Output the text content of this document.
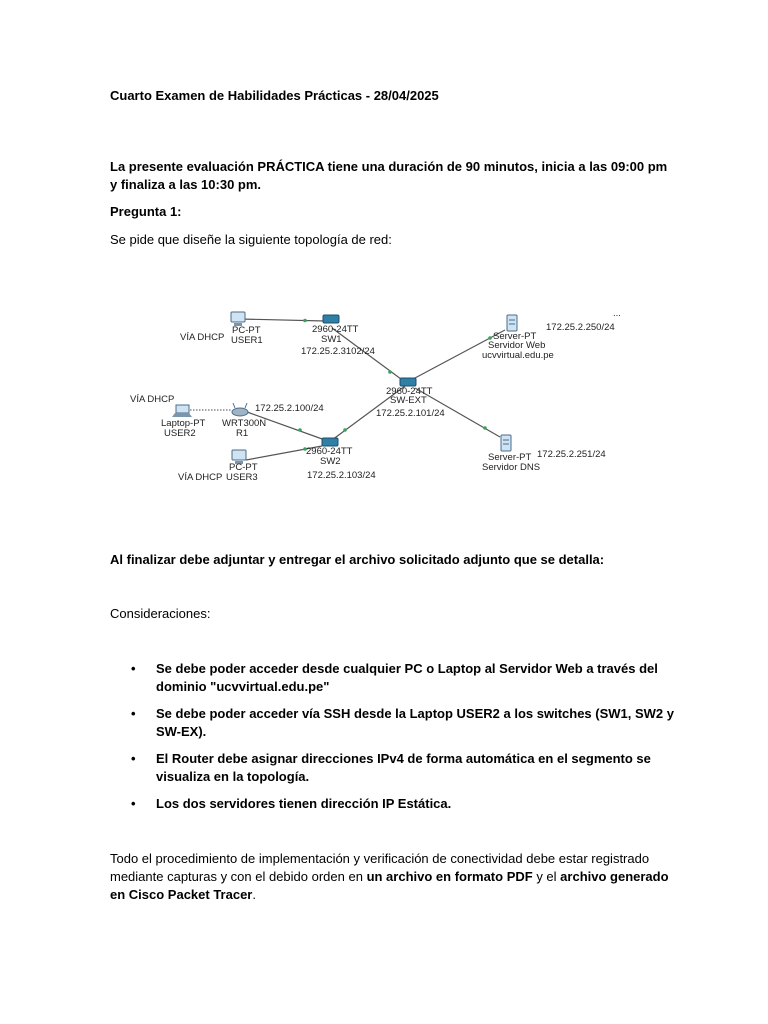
Cuarto Examen de Habilidades Prácticas - 28/04/2025

La presente evaluación PRÁCTICA tiene una duración de 90 minutos, inicia a las 09:00 pm y finaliza a las 10:30 pm.

Pregunta 1:

Se pide que diseñe la siguiente topología de red:

Al finalizar debe adjuntar y entregar el archivo solicitado adjunto que se detalla:

Consideraciones:

• Se debe poder acceder desde cualquier PC o Laptop al Servidor Web a través del dominio "ucvvirtual.edu.pe"
• Se debe poder acceder vía SSH desde la Laptop USER2 a los switches (SW1, SW2 y SW-EX).
• El Router debe asignar direcciones IPv4 de forma automática en el segmento se visualiza en la topología.
• Los dos servidores tienen dirección IP Estática.

Todo el procedimiento de implementación y verificación de conectividad debe estar registrado mediante capturas y con el debido orden en un archivo en formato PDF y el archivo generado en Cisco Packet Tracer.

...
PC-PT
USER1
VÍA DHCP
2960-24TT
SW1
172.25.2.3102/24
Server-PT
Servidor Web
ucvvirtual.edu.pe
172.25.2.250/24
2960-24TT
SW-EXT
172.25.2.101/24
Laptop-PT
USER2
VÍA DHCP
172.25.2.100/24
WRT300N
R1
2960-24TT
SW2
172.25.2.103/24
Server-PT
Servidor DNS
172.25.2.251/24
PC-PT
USER3
VÍA DHCP
